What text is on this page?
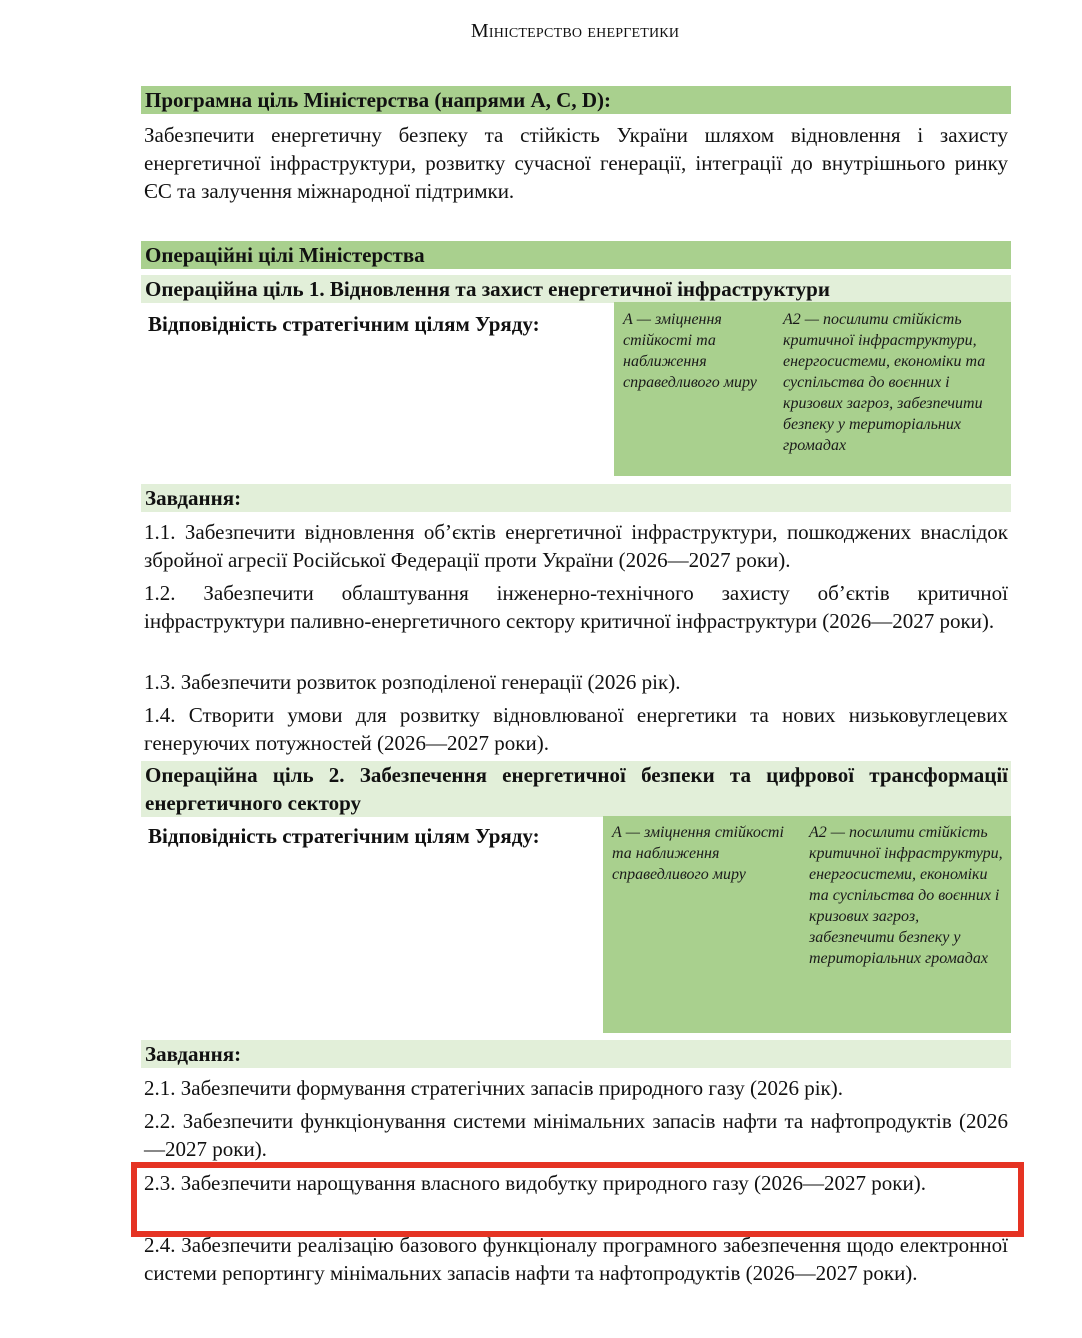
Міністерство енергетики
Програмна ціль Міністерства (напрями A, C, D):
Забезпечити енергетичну безпеку та стійкість України шляхом відновлення і захисту енергетичної інфраструктури, розвитку сучасної генерації, інтеграції до внутрішнього ринку ЄС та залучення міжнародної підтримки.
Операційні цілі Міністерства
Операційна ціль 1. Відновлення та захист енергетичної інфраструктури
Відповідність стратегічним цілям Уряду:	А — зміцнення стійкості та наближення справедливого миру
А2 — посилити стійкість критичної інфраструктури, енергосистеми, економіки та суспільства до воєнних і кризових загроз, забезпечити безпеку у територіальних громадах
Завдання:
1.1. Забезпечити відновлення об’єктів енергетичної інфраструктури, пошкоджених внаслідок збройної агресії Російської Федерації проти України (2026—2027 роки).
1.2. Забезпечити облаштування інженерно-технічного захисту об’єктів критичної інфраструктури паливно-енергетичного сектору критичної інфраструктури (2026—2027 роки).
1.3. Забезпечити розвиток розподіленої генерації (2026 рік).
1.4. Створити умови для розвитку відновлюваної енергетики та нових низьковуглецевих генеруючих потужностей (2026—2027 роки).
Операційна ціль 2. Забезпечення енергетичної безпеки та цифрової трансформації енергетичного сектору
Відповідність стратегічним цілям Уряду:	А — зміцнення стійкості та наближення справедливого миру
А2 — посилити стійкість критичної інфраструктури, енергосистеми, економіки та суспільства до воєнних і кризових загроз, забезпечити безпеку у територіальних громадах
Завдання:
2.1. Забезпечити формування стратегічних запасів природного газу (2026 рік).
2.2. Забезпечити функціонування системи мінімальних запасів нафти та нафтопродуктів (2026—2027 роки).
2.3. Забезпечити нарощування власного видобутку природного газу (2026—2027 роки).
2.4. Забезпечити реалізацію базового функціоналу програмного забезпечення щодо електронної системи репортингу мінімальних запасів нафти та нафтопродуктів (2026—2027 роки).
